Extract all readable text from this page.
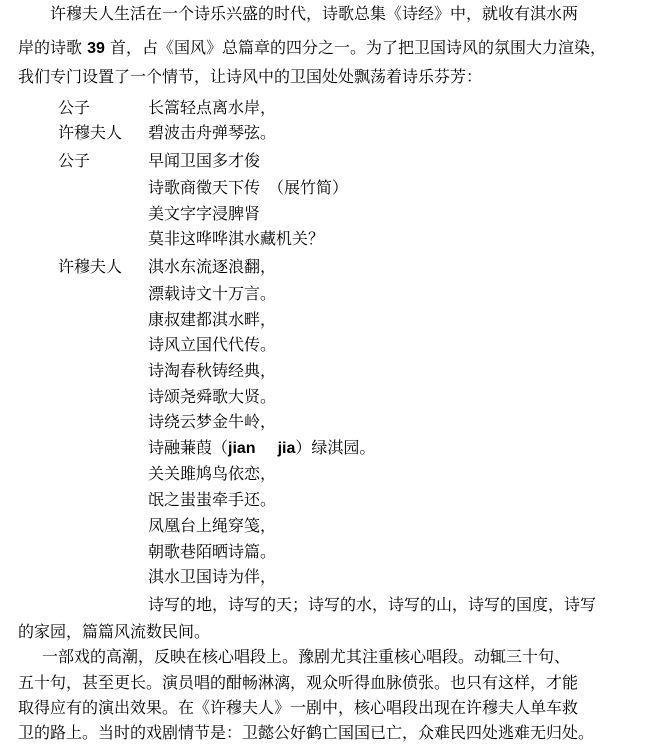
许穆夫人生活在一个诗乐兴盛的时代，诗歌总集《诗经》中，就收有淇水两
岸的诗歌 39 首，占《国风》总篇章的四分之一。为了把卫国诗风的氛围大力渲染，
我们专门设置了一个情节，让诗风中的卫国处处飘荡着诗乐芬芳：
公子	长篙轻点离水岸，
许穆夫人	碧波击舟弹琴弦。
公子	早闻卫国多才俊
诗歌商徵天下传　（展竹简）
美文字字浸脾肾
莫非这哗哗淇水藏机关？
许穆夫人	淇水东流逐浪翻，
漂载诗文十万言。
康叔建都淇水畔，
诗风立国代代传。
诗淘春秋铸经典，
诗颂尧舜歌大贤。
诗绕云梦金牛岭，
诗融蒹葭（jian jia）绿淇园。
关关雎鸠鸟依恋，
氓之蚩蚩牵手还。
凤凰台上绳穿笺，
朝歌巷陌晒诗篇。
淇水卫国诗为伴，
诗写的地，诗写的天；诗写的水，诗写的山，诗写的国度，诗写
的家园，篇篇风流数民间。
一部戏的高潮，反映在核心唱段上。豫剧尤其注重核心唱段。动辄三十句、
五十句，甚至更长。演员唱的酣畅淋漓，观众听得血脉偾张。也只有这样，才能
取得应有的演出效果。在《许穆夫人》一剧中，核心唱段出现在许穆夫人单车救
卫的路上。当时的戏剧情节是：卫懿公好鹤亡国国已亡，众难民四处逃难无归处。
